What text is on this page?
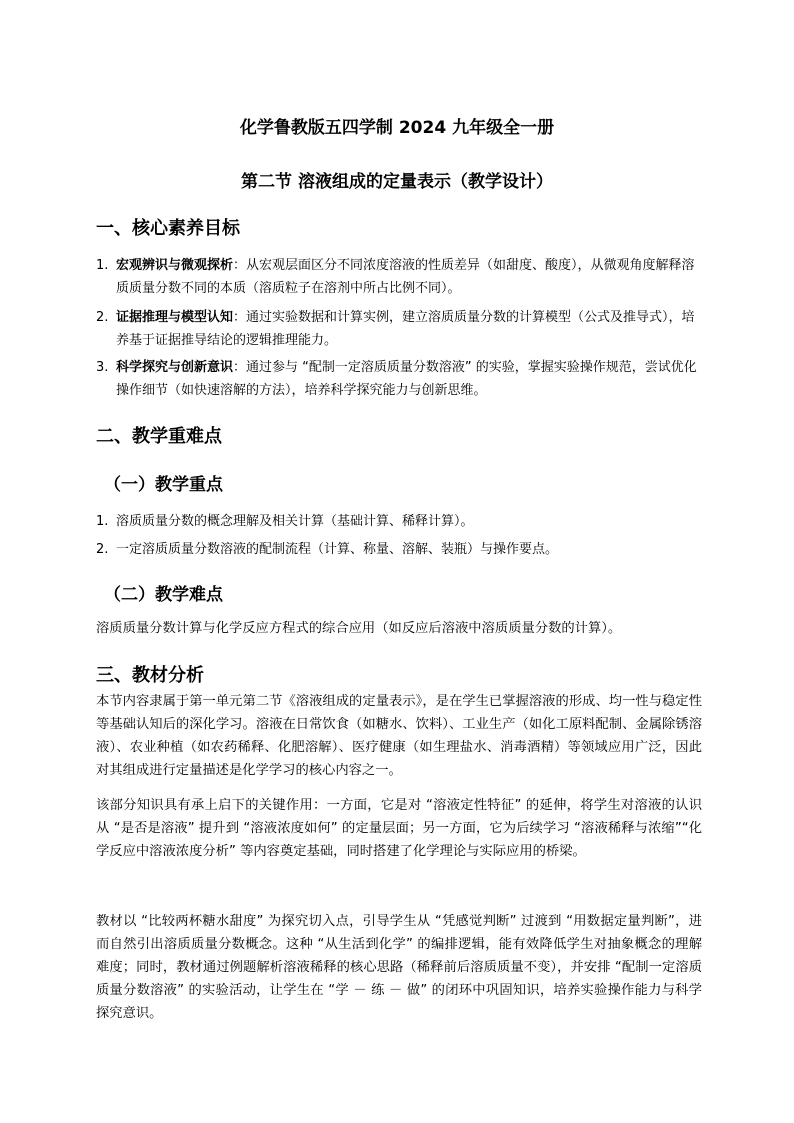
化学鲁教版五四学制 2024 九年级全一册
第二节 溶液组成的定量表示（教学设计）
一、核心素养目标
1. 宏观辨识与微观探析：从宏观层面区分不同浓度溶液的性质差异（如甜度、酸度），从微观角度解释溶质质量分数不同的本质（溶质粒子在溶剂中所占比例不同）。
2. 证据推理与模型认知：通过实验数据和计算实例，建立溶质质量分数的计算模型（公式及推导式），培养基于证据推导结论的逻辑推理能力。
3. 科学探究与创新意识：通过参与 “配制一定溶质质量分数溶液” 的实验，掌握实验操作规范，尝试优化操作细节（如快速溶解的方法），培养科学探究能力与创新思维。
二、教学重难点
（一）教学重点
1. 溶质质量分数的概念理解及相关计算（基础计算、稀释计算）。
2. 一定溶质质量分数溶液的配制流程（计算、称量、溶解、装瓶）与操作要点。
（二）教学难点

溶质质量分数计算与化学反应方程式的综合应用（如反应后溶液中溶质质量分数的计算）。

三、教材分析

本节内容隶属于第一单元第二节《溶液组成的定量表示》，是在学生已掌握溶液的形成、均一性与稳定性等基础认知后的深化学习。溶液在日常饮食（如糖水、饮料）、工业生产（如化工原料配制、金属除锈溶液）、农业种植（如农药稀释、化肥溶解）、医疗健康（如生理盐水、消毒酒精）等领域应用广泛，因此对其组成进行定量描述是化学学习的核心内容之一。

该部分知识具有承上启下的关键作用：一方面，它是对 “溶液定性特征” 的延伸，将学生对溶液的认识从 “是否是溶液” 提升到 “溶液浓度如何” 的定量层面；另一方面，它为后续学习 “溶液稀释与浓缩”“化学反应中溶液浓度分析” 等内容奠定基础，同时搭建了化学理论与实际应用的桥梁。

教材以 “比较两杯糖水甜度” 为探究切入点，引导学生从 “凭感觉判断” 过渡到 “用数据定量判断”，进而自然引出溶质质量分数概念。这种 “从生活到化学” 的编排逻辑，能有效降低学生对抽象概念的理解难度；同时，教材通过例题解析溶液稀释的核心思路（稀释前后溶质质量不变），并安排 “配制一定溶质质量分数溶液” 的实验活动，让学生在 “学 － 练 － 做” 的闭环中巩固知识，培养实验操作能力与科学探究意识。
